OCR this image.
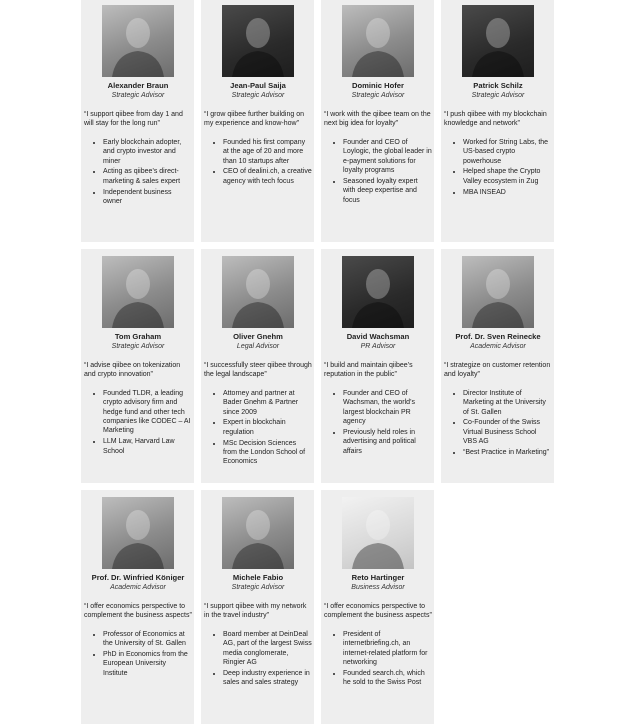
Alexander Braun
Strategic Advisor
“I support qiibee from day 1 and will stay for the long run”
• Early blockchain adopter, and crypto investor and miner
• Acting as qiibee’s direct-marketing & sales expert
• Independent business owner
Jean-Paul Saija
Strategic Advisor
“I grow qiibee further building on my experience and know-how”
• Founded his first company at the age of 20 and more than 10 startups after
• CEO of dealini.ch, a creative agency with tech focus
Dominic Hofer
Strategic Advisor
“I work with the qiibee team on the next big idea for loyalty”
• Founder and CEO of Loylogic, the global leader in e-payment solutions for loyalty programs
• Seasoned loyalty expert with deep expertise and focus
Patrick Schilz
Strategic Advisor
“I push qiibee with my blockchain knowledge and network”
• Worked for String Labs, the US-based crypto powerhouse
• Helped shape the Crypto Valley ecosystem in Zug
• MBA INSEAD
Tom Graham
Strategic Advisor
“I advise qiibee on tokenization and crypto innovation”
• Founded TLDR, a leading crypto advisory firm and hedge fund and other tech companies like CODEC – AI Marketing
• LLM Law, Harvard Law School
Oliver Gnehm
Legal Advisor
“I successfully steer qiibee through the legal landscape”
• Attorney and partner at Bader Gnehm & Partner since 2009
• Expert in blockchain regulation
• MSc Decision Sciences from the London School of Economics
David Wachsman
PR Advisor
“I build and maintain qiibee’s reputation in the public”
• Founder and CEO of Wachsman, the world’s largest blockchain PR agency
• Previously held roles in advertising and political affairs
Prof. Dr. Sven Reinecke
Academic Advisor
“I strategize on customer retention and loyalty”
• Director Institute of Marketing at the University of St. Gallen
• Co-Founder of the Swiss Virtual Business School VBS AG
• “Best Practice in Marketing”
Prof. Dr. Winfried Königer
Academic Advisor
“I offer economics perspective to complement the business aspects”
• Professor of Economics at the University of St. Gallen
• PhD in Economics from the European University Institute
Michele Fabio
Strategic Advisor
“I support qiibee with my network in the travel industry”
• Board member at DeinDeal AG, part of the largest Swiss media conglomerate, Ringier AG
• Deep industry experience in sales and sales strategy
Reto Hartinger
Business Advisor
“I offer economics perspective to complement the business aspects”
• President of internetbriefing.ch, an internet-related platform for networking
• Founded search.ch, which he sold to the Swiss Post
